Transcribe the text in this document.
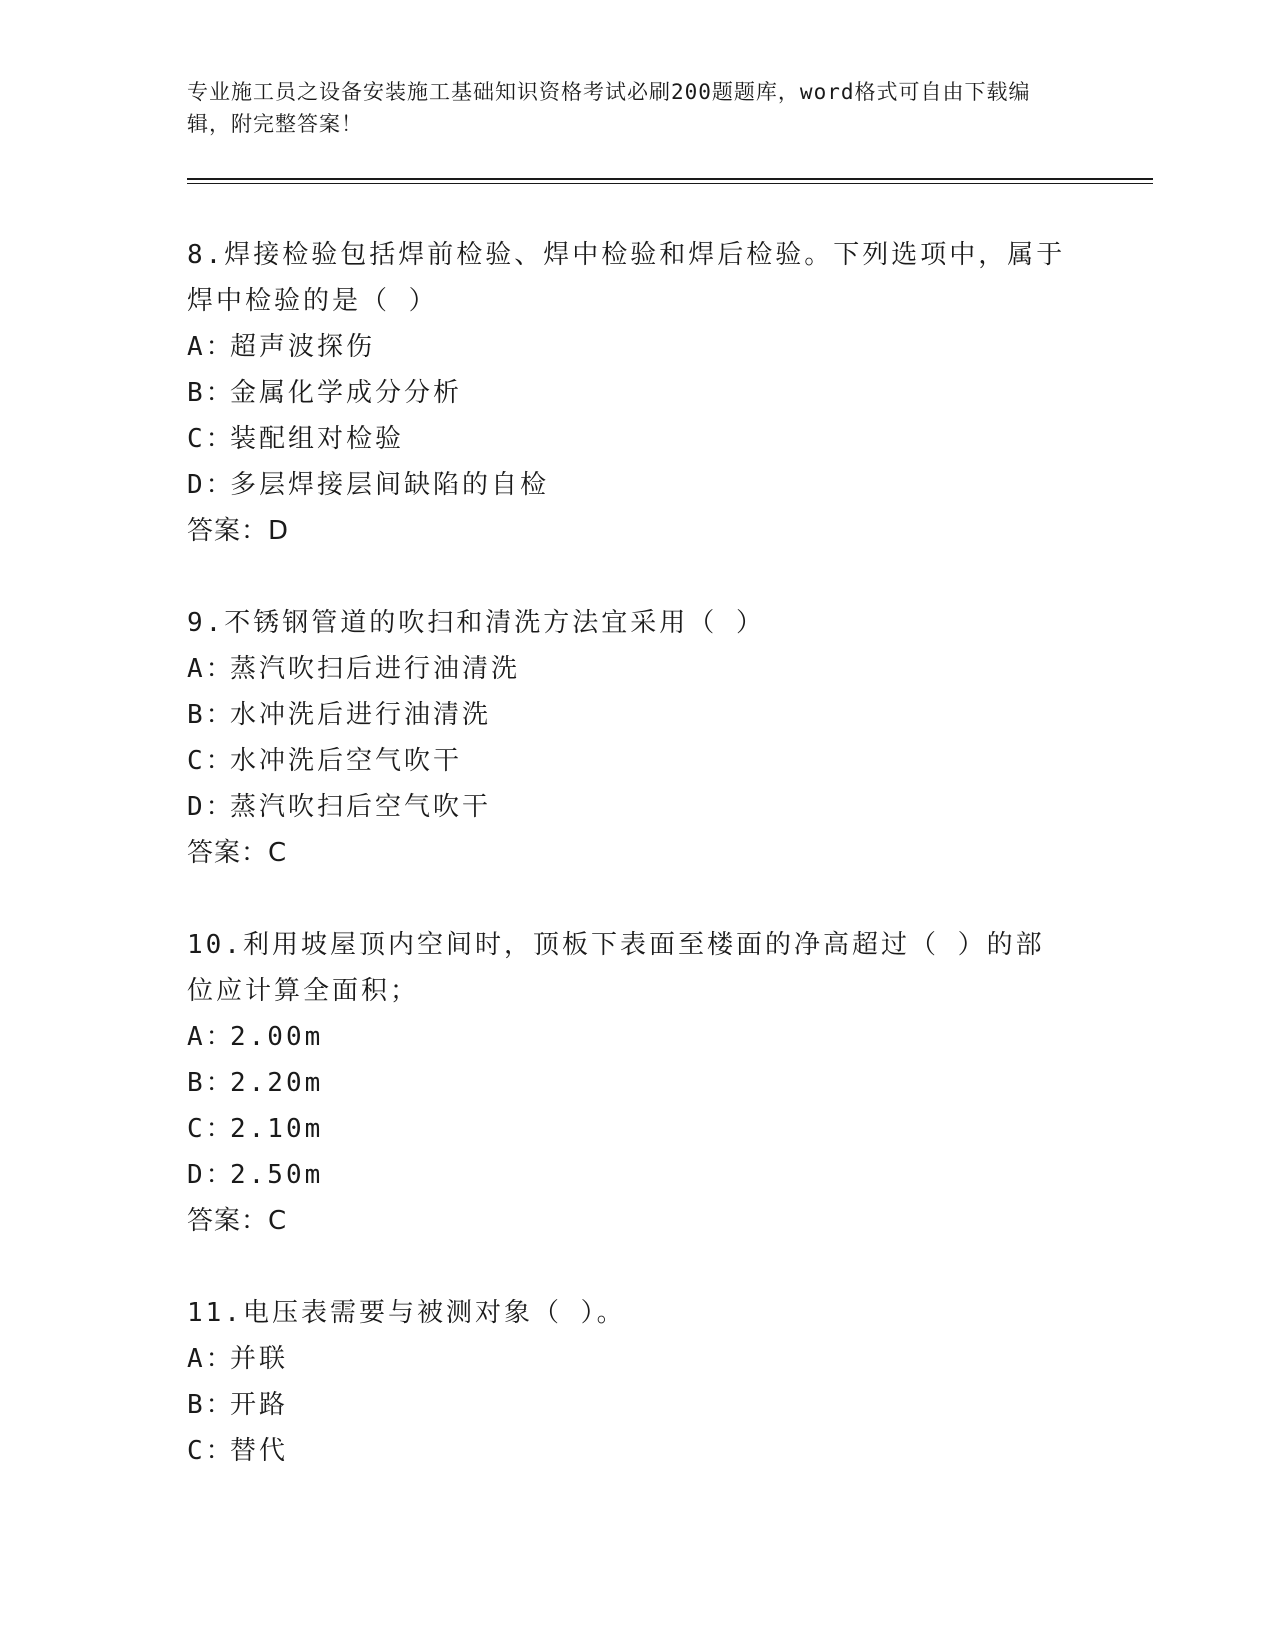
专业施工员之设备安装施工基础知识资格考试必刷200题题库，word格式可自由下载编辑，附完整答案！
8.焊接检验包括焊前检验、焊中检验和焊后检验。下列选项中，属于焊中检验的是（ ）
A：
超声波探伤
B：
金属化学成分分析
C：
装配组对检验
D：
多层焊接层间缺陷的自检
答案：D
9.不锈钢管道的吹扫和清洗方法宜采用（ ）
A：
蒸汽吹扫后进行油清洗
B：
水冲洗后进行油清洗
C：
水冲洗后空气吹干
D：
蒸汽吹扫后空气吹干
答案：C
10.利用坡屋顶内空间时，顶板下表面至楼面的净高超过（ ）的部位应计算全面积；
A：
2.00m
B：
2.20m
C：
2.10m
D：
2.50m
答案：C
11.电压表需要与被测对象（ ）。
A：
并联
B：
开路
C：
替代
